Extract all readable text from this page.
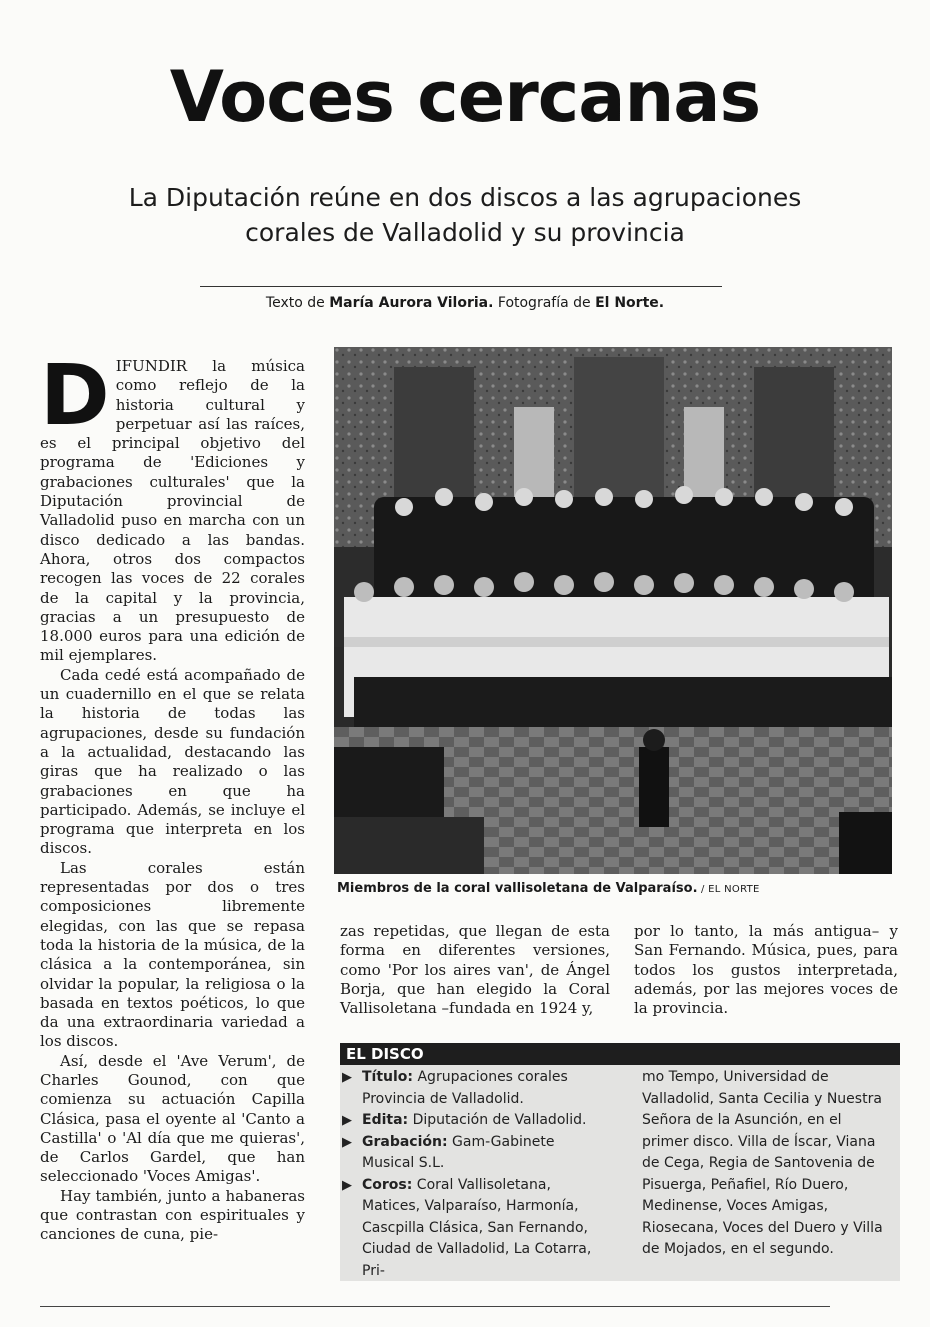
Voces cercanas
La Diputación reúne en dos discos a las agrupaciones
corales de Valladolid y su provincia
Texto de María Aurora Viloria. Fotografía de El Norte.

DIFUNDIR la música como reflejo de la historia cultural y perpetuar así las raíces, es el principal objetivo del programa de 'Ediciones y grabaciones culturales' que la Diputación provincial de Valladolid puso en marcha con un disco dedicado a las bandas. Ahora, otros dos compactos recogen las voces de 22 corales de la capital y la provincia, gracias a un presupuesto de 18.000 euros para una edición de mil ejemplares.

Cada cedé está acompañado de un cuadernillo en el que se relata la historia de todas las agrupaciones, desde su fundación a la actualidad, destacando las giras que ha realizado o las grabaciones en que ha participado. Además, se incluye el programa que interpreta en los discos.

Las corales están representadas por dos o tres composiciones libremente elegidas, con las que se repasa toda la historia de la música, de la clásica a la contemporánea, sin olvidar la popular, la religiosa o la basada en textos poéticos, lo que da una extraordinaria variedad a los discos.

Así, desde el 'Ave Verum', de Charles Gounod, con que comienza su actuación Capilla Clásica, pasa el oyente al 'Canto a Castilla' o 'Al día que me quieras', de Carlos Gardel, que han seleccionado 'Voces Amigas'.

Hay también, junto a habaneras que contrastan con espirituales y canciones de cuna, pie-

Miembros de la coral vallisoletana de Valparaíso. / EL NORTE

zas repetidas, que llegan de esta forma en diferentes versiones, como 'Por los aires van', de Ángel Borja, que han elegido la Coral Vallisoletana –fundada en 1924 y,

por lo tanto, la más antigua– y San Fernando. Música, pues, para todos los gustos interpretada, además, por las mejores voces de la provincia.

EL DISCO
▶ Título: Agrupaciones corales Provincia de Valladolid.
▶ Edita: Diputación de Valladolid.
▶ Grabación: Gam-Gabinete Musical S.L.
▶ Coros: Coral Vallisoletana, Matices, Valparaíso, Harmonía, Cascpilla Clásica, San Fernando, Ciudad de Valladolid, La Cotarra, Pri-
mo Tempo, Universidad de Valladolid, Santa Cecilia y Nuestra Señora de la Asunción, en el primer disco. Villa de Íscar, Viana de Cega, Regia de Santovenia de Pisuerga, Peñafiel, Río Duero, Medinense, Voces Amigas, Riosecana, Voces del Duero y Villa de Mojados, en el segundo.
